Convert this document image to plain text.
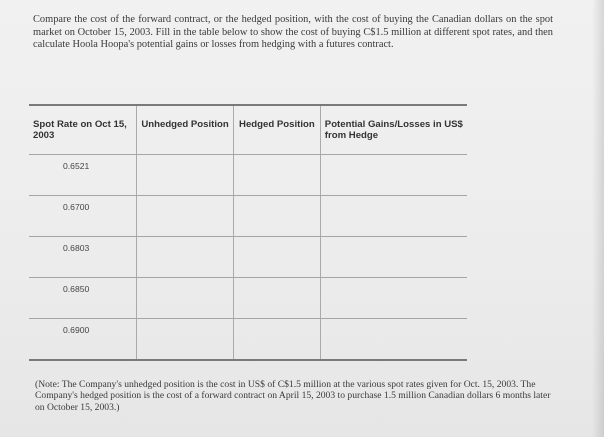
Compare the cost of the forward contract, or the hedged position, with the cost of buying the Canadian dollars on the spot market on October 15, 2003. Fill in the table below to show the cost of buying C$1.5 million at different spot rates, and then calculate Hoola Hoopa's potential gains or losses from hedging with a futures contract.

Spot Rate on Oct 15, 2003	Unhedged Position	Hedged Position	Potential Gains/Losses in US$ from Hedge

0.6521			

0.6700			

0.6803			

0.6850			

0.6900			

(Note: The Company's unhedged position is the cost in US$ of C$1.5 million at the various spot rates given for Oct. 15, 2003. The Company's hedged position is the cost of a forward contract on April 15, 2003 to purchase 1.5 million Canadian dollars 6 months later on October 15, 2003.)
